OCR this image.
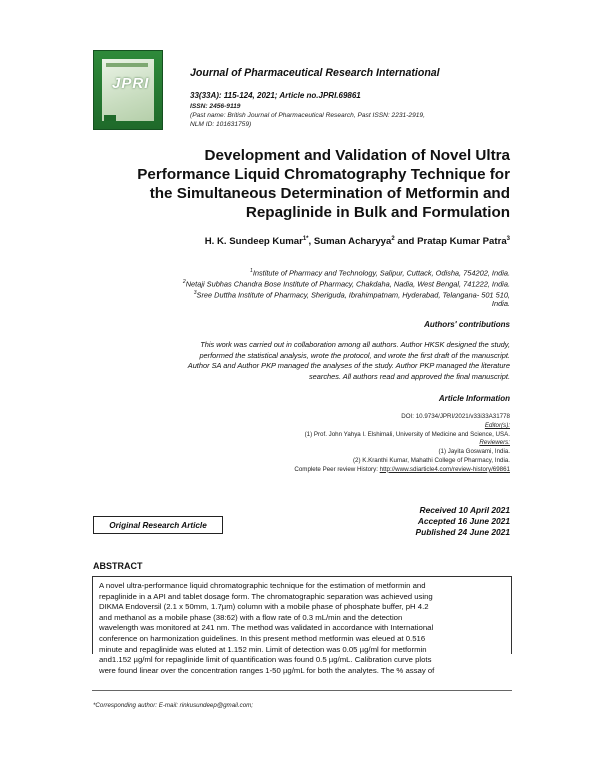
JPRI
Journal of Pharmaceutical Research International
33(33A): 115-124, 2021; Article no.JPRI.69861
ISSN: 2456-9119
(Past name: British Journal of Pharmaceutical Research, Past ISSN: 2231-2919,
NLM ID: 101631759)
Development and Validation of Novel Ultra
Performance Liquid Chromatography Technique for
the Simultaneous Determination of Metformin and
Repaglinide in Bulk and Formulation
H. K. Sundeep Kumar$^{1*}$, Suman Acharyya$^2$ and Pratap Kumar Patra$^3$
$^1$Institute of Pharmacy and Technology, Salipur, Cuttack, Odisha, 754202, India.
$^2$Netaji Subhas Chandra Bose Institute of Pharmacy, Chakdaha, Nadia, West Bengal, 741222, India.
$^3$Sree Duttha Institute of Pharmacy, Sheriguda, Ibrahimpatnam, Hyderabad, Telangana- 501 510,
India.
Authors' contributions
This work was carried out in collaboration among all authors. Author HKSK designed the study,
performed the statistical analysis, wrote the protocol, and wrote the first draft of the manuscript.
Author SA and Author PKP managed the analyses of the study. Author PKP managed the literature
searches. All authors read and approved the final manuscript.
Article Information
DOI: 10.9734/JPRI/2021/v33i33A31778
Editor(s):
(1) Prof. John Yahya I. Elshimali, University of Medicine and Science, USA.
Reviewers:
(1) Jayita Goswami, India.
(2) K.Kranthi Kumar, Mahathi College of Pharmacy, India.
Complete Peer review History: http://www.sdiarticle4.com/review-history/69861
Original Research Article
Received 10 April 2021
Accepted 16 June 2021
Published 24 June 2021
ABSTRACT
A novel ultra-performance liquid chromatographic technique for the estimation of metformin and
repaglinide in a API and tablet dosage form. The chromatographic separation was achieved using
DIKMA Endoversil (2.1 x 50mm, 1.7µm) column with a mobile phase of phosphate buffer, pH 4.2
and methanol as a mobile phase (38:62) with a flow rate of 0.3 mL/min and the detection
wavelength was monitored at 241 nm. The method was validated in accordance with International
conference on harmonization guidelines. In this present method metformin was eleued at 0.516
minute and repaglinide was eluted at 1.152 min. Limit of detection was 0.05 µg/ml for metformin
and1.152 µg/ml for repaglinide limit of quantification was found 0.5 µg/mL. Calibration curve plots
were found linear over the concentration ranges 1-50 µg/mL for both the analytes. The % assay of
*Corresponding author: E-mail: rinkusundeep@gmail.com;
